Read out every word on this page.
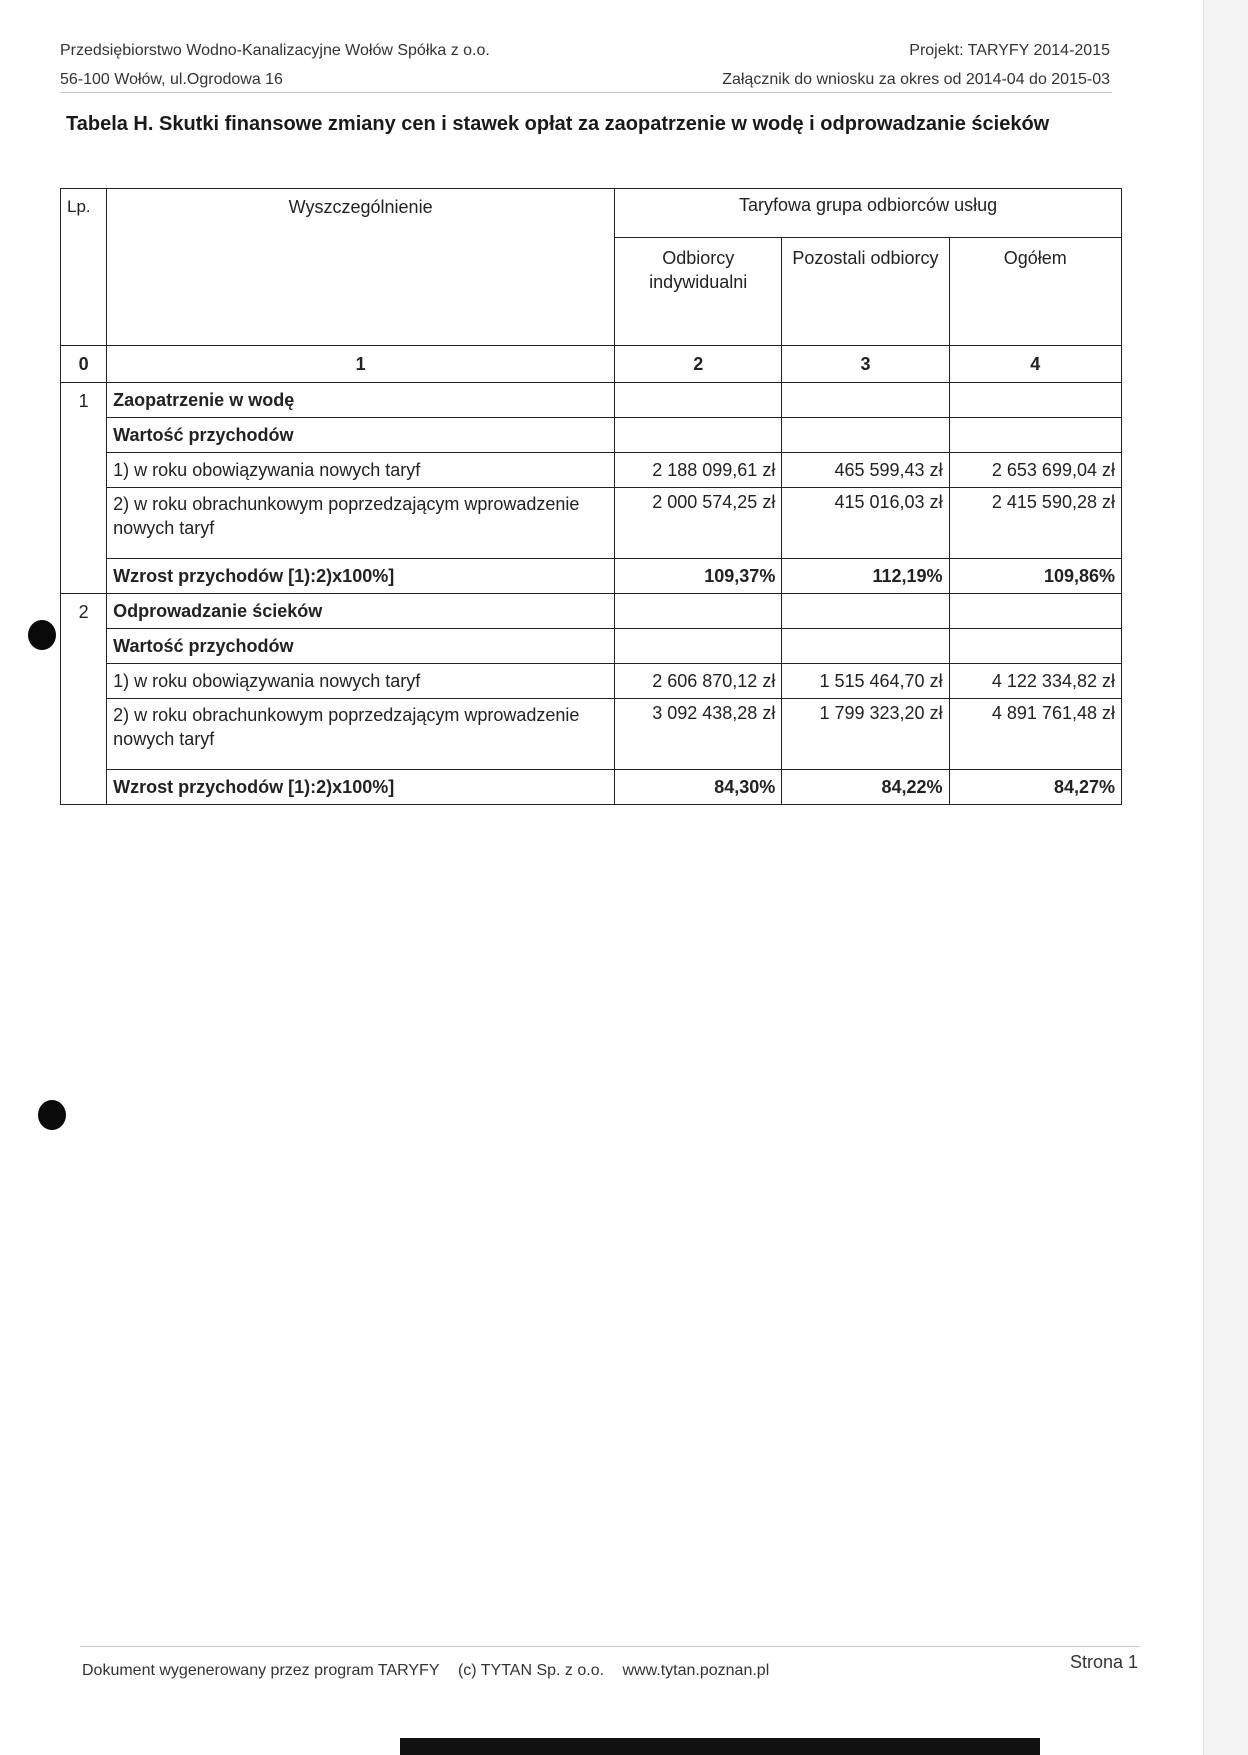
Przedsiębiorstwo Wodno-Kanalizacyjne Wołów Spółka z o.o.
56-100 Wołów, ul.Ogrodowa 16
Projekt: TARYFY 2014-2015
Załącznik do wniosku za okres od 2014-04 do 2015-03
Tabela H. Skutki finansowe zmiany cen i stawek opłat za zaopatrzenie w wodę i odprowadzanie ścieków
Lp.	Wyszczególnienie	Taryfowa grupa odbiorców usług		
		Odbiorcy indywidualni	Pozostali odbiorcy	Ogółem
0	1	2	3	4
1	Zaopatrzenie w wodę			
	Wartość przychodów			
	1) w roku obowiązywania nowych taryf	2 188 099,61 zł	465 599,43 zł	2 653 699,04 zł
	2) w roku obrachunkowym poprzedzającym wprowadzenie nowych taryf	2 000 574,25 zł	415 016,03 zł	2 415 590,28 zł
	Wzrost przychodów [1):2)x100%]	109,37%	112,19%	109,86%
2	Odprowadzanie ścieków			
	Wartość przychodów			
	1) w roku obowiązywania nowych taryf	2 606 870,12 zł	1 515 464,70 zł	4 122 334,82 zł
	2) w roku obrachunkowym poprzedzającym wprowadzenie nowych taryf	3 092 438,28 zł	1 799 323,20 zł	4 891 761,48 zł
	Wzrost przychodów [1):2)x100%]	84,30%	84,22%	84,27%
Dokument wygenerowany przez program TARYFY (c) TYTAN Sp. z o.o. www.tytan.poznan.pl	Strona 1
